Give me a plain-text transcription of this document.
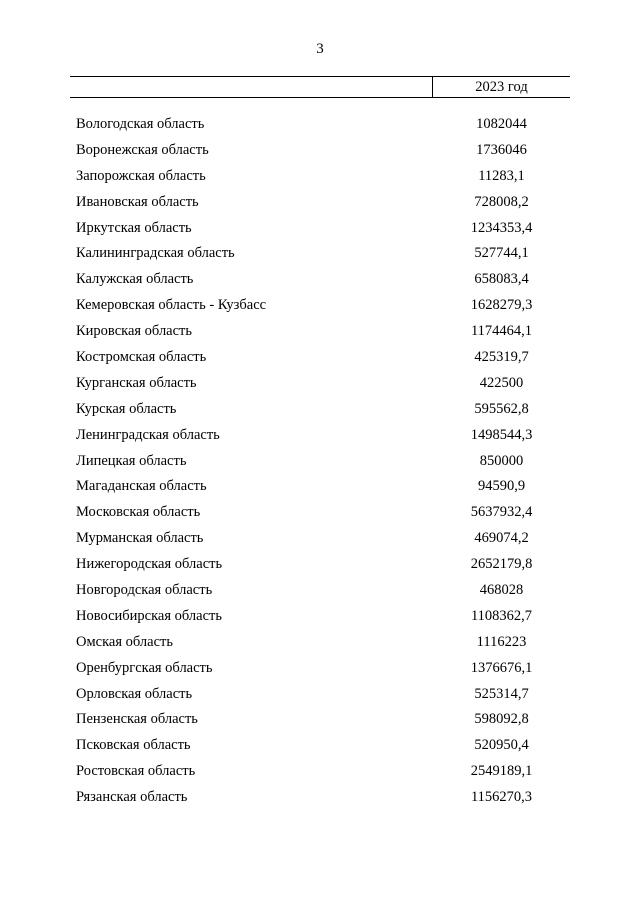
3
2023 год
Вологодская область	1082044
Воронежская область	1736046
Запорожская область	11283,1
Ивановская область	728008,2
Иркутская область	1234353,4
Калининградская область	527744,1
Калужская область	658083,4
Кемеровская область - Кузбасс	1628279,3
Кировская область	1174464,1
Костромская область	425319,7
Курганская область	422500
Курская область	595562,8
Ленинградская область	1498544,3
Липецкая область	850000
Магаданская область	94590,9
Московская область	5637932,4
Мурманская область	469074,2
Нижегородская область	2652179,8
Новгородская область	468028
Новосибирская область	1108362,7
Омская область	1116223
Оренбургская область	1376676,1
Орловская область	525314,7
Пензенская область	598092,8
Псковская область	520950,4
Ростовская область	2549189,1
Рязанская область	1156270,3
